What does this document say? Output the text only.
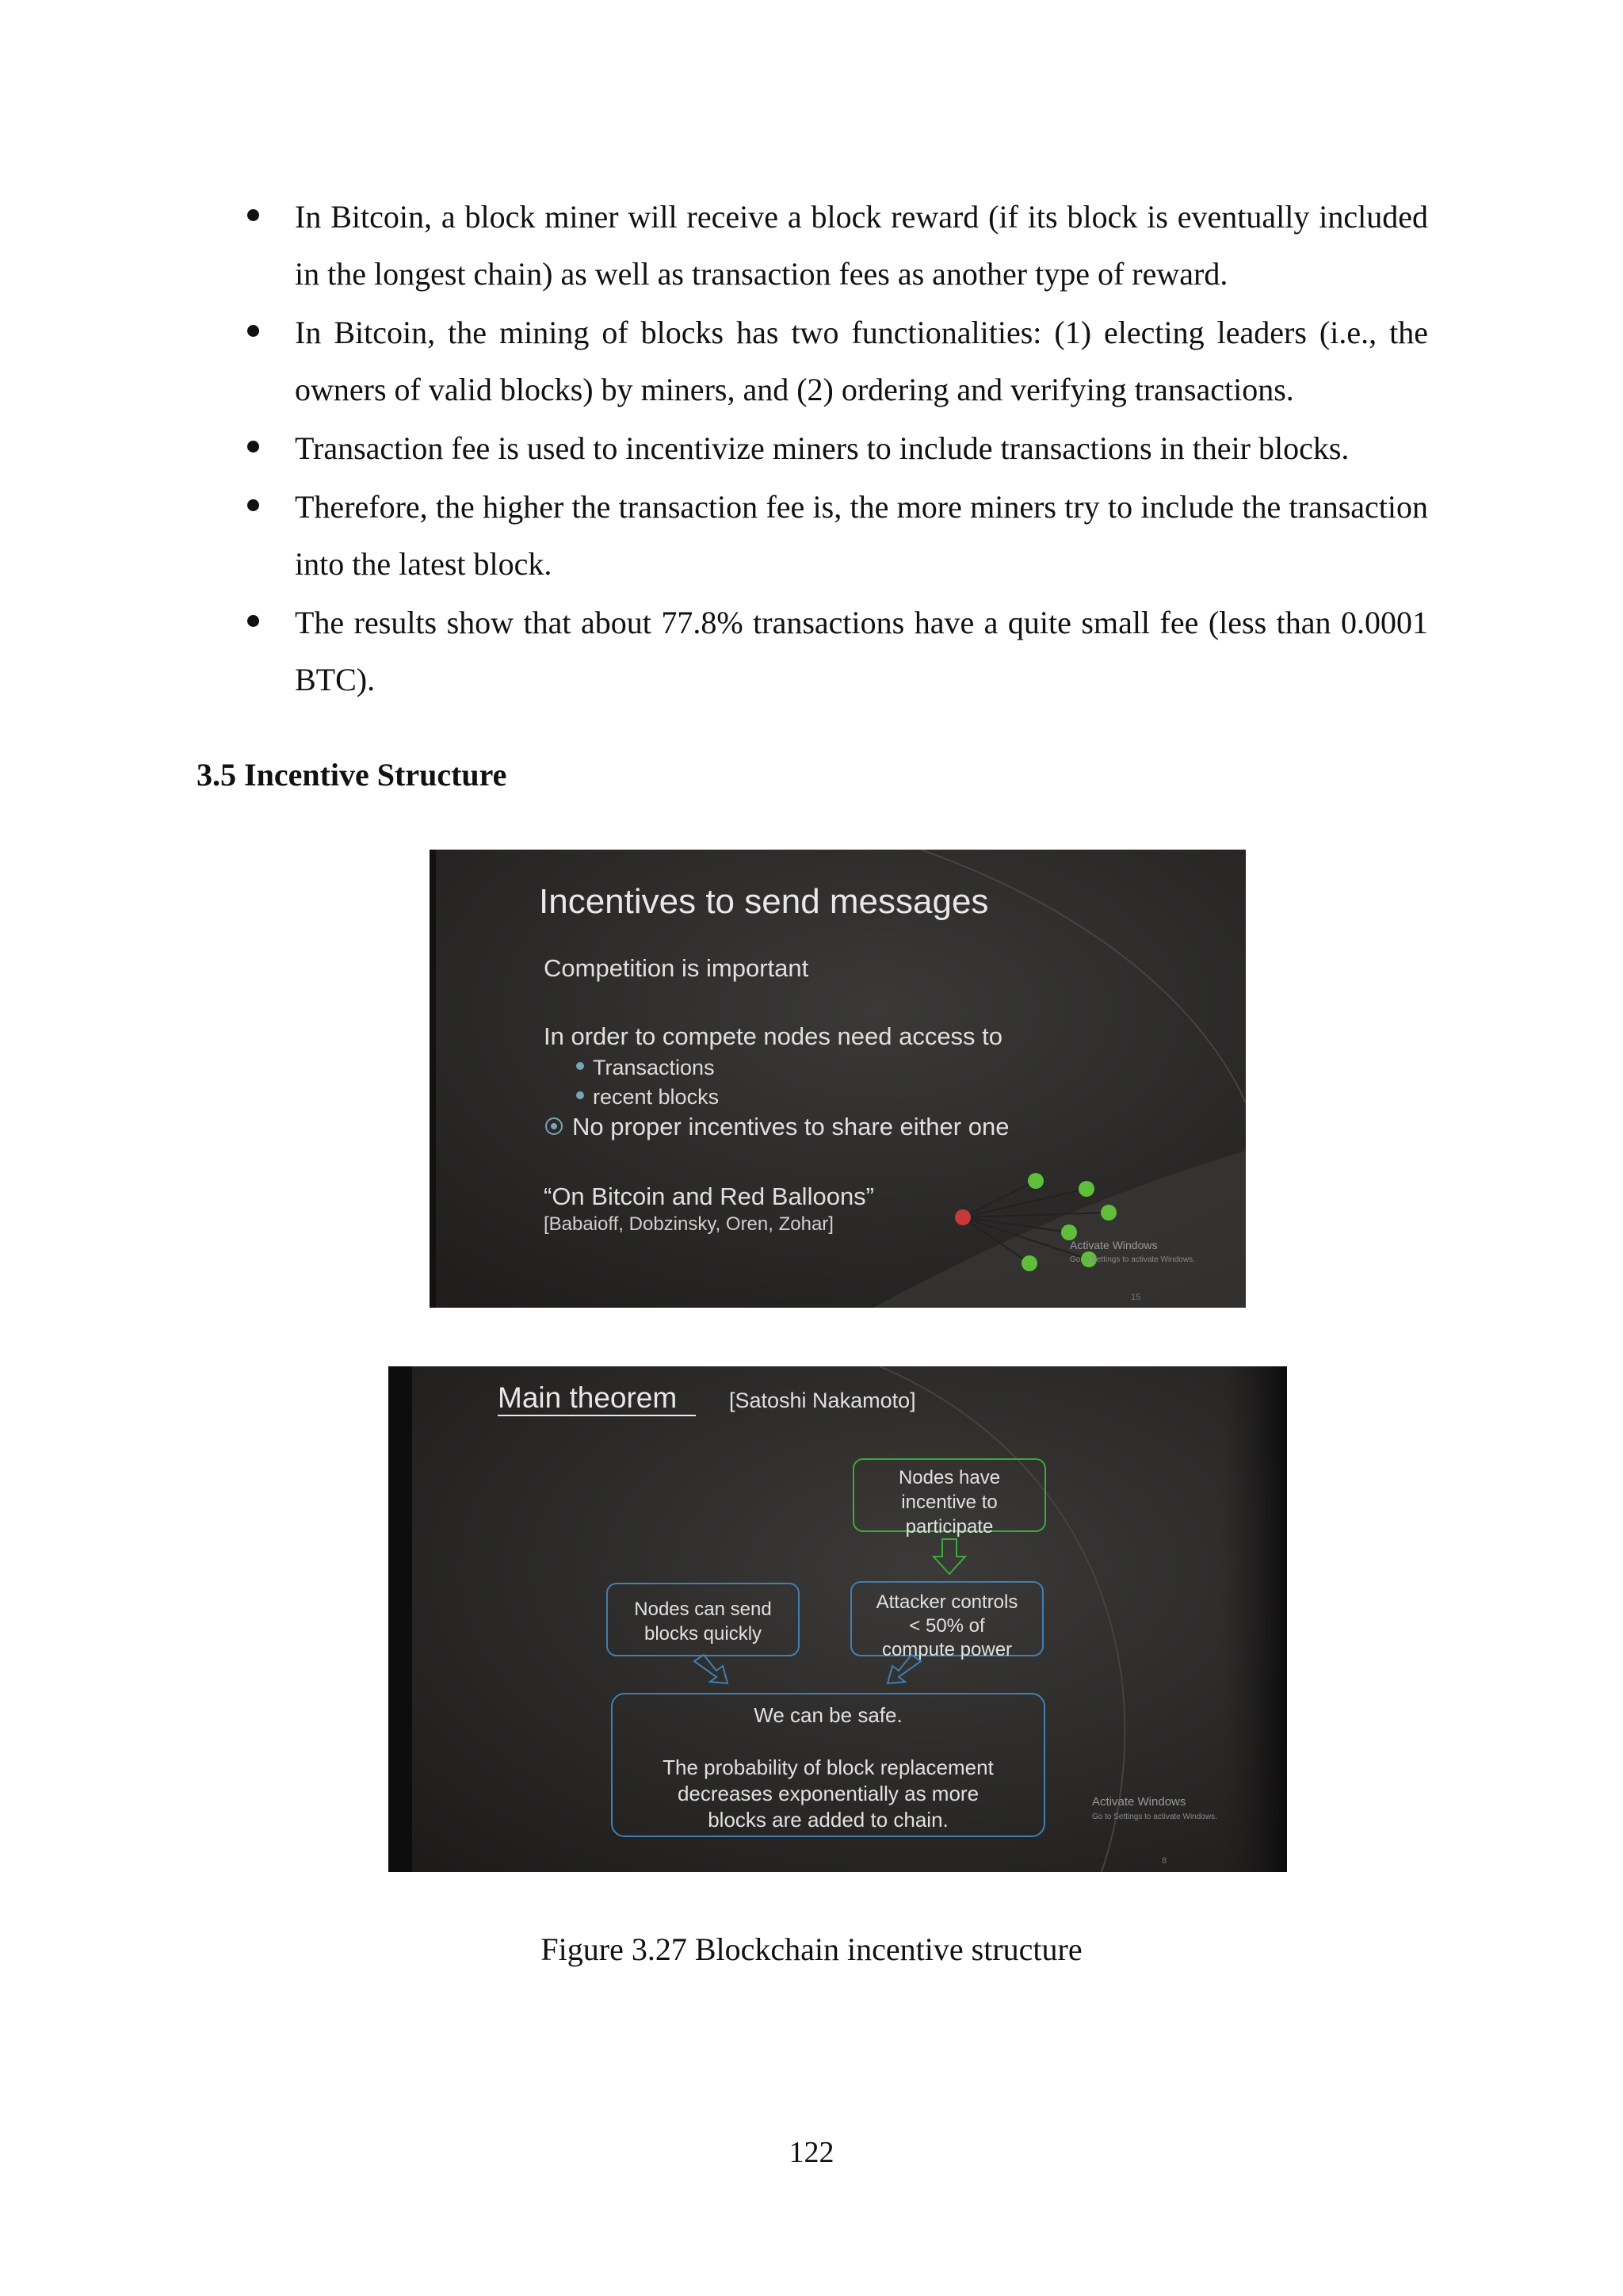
In Bitcoin, a block miner will receive a block reward (if its block is eventually included in the longest chain) as well as transaction fees as another type of reward.
In Bitcoin, the mining of blocks has two functionalities: (1) electing leaders (i.e., the owners of valid blocks) by miners, and (2) ordering and verifying transactions.
Transaction fee is used to incentivize miners to include transactions in their blocks.
Therefore, the higher the transaction fee is, the more miners try to include the transaction into the latest block.
The results show that about 77.8% transactions have a quite small fee (less than 0.0001 BTC).
3.5 Incentive Structure
Incentives to send messages
Competition is important
In order to compete nodes need access to
Transactions
recent blocks
No proper incentives to share either one
“On Bitcoin and Red Balloons”
[Babaioff, Dobzinsky, Oren, Zohar]
Activate Windows
Go to Settings to activate Windows.
15
Main theorem [Satoshi Nakamoto]
Nodes have
incentive to
participate
Nodes can send
blocks quickly
Attacker controls
< 50% of
compute power
We can be safe.
The probability of block replacement
decreases exponentially as more
blocks are added to chain.
Activate Windows
Go to Settings to activate Windows.
8
Figure 3.27 Blockchain incentive structure
122
